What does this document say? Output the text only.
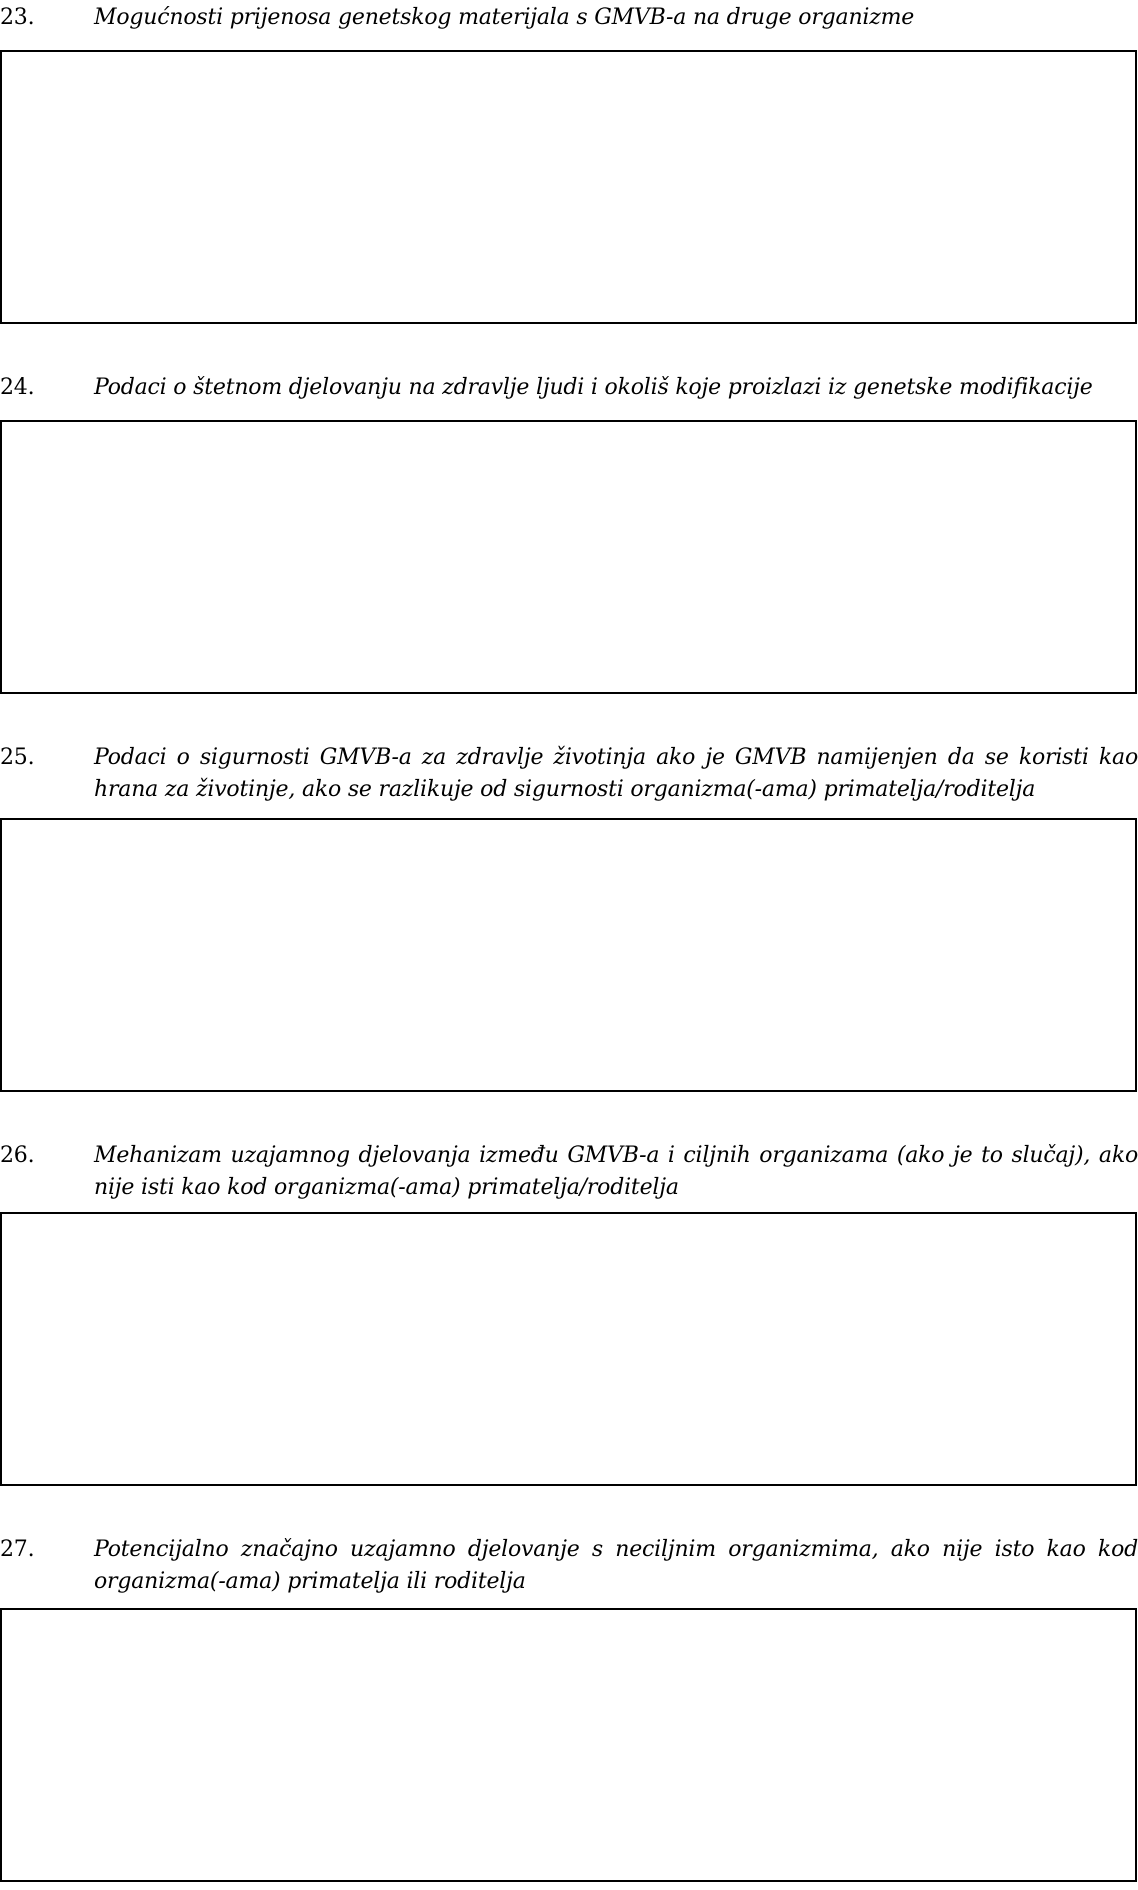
23.	Mogućnosti prijenosa genetskog materijala s GMVB-a na druge organizme
24.	Podaci o štetnom djelovanju na zdravlje ljudi i okoliš koje proizlazi iz genetske modifikacije
25.	Podaci o sigurnosti GMVB-a za zdravlje životinja ako je GMVB namijenjen da se koristi kao hrana za životinje, ako se razlikuje od sigurnosti organizma(-ama) primatelja/roditelja
26.	Mehanizam uzajamnog djelovanja između GMVB-a i ciljnih organizama (ako je to slučaj), ako nije isti kao kod organizma(-ama) primatelja/roditelja
27.	Potencijalno značajno uzajamno djelovanje s neciljnim organizmima, ako nije isto kao kod organizma(-ama) primatelja ili roditelja
